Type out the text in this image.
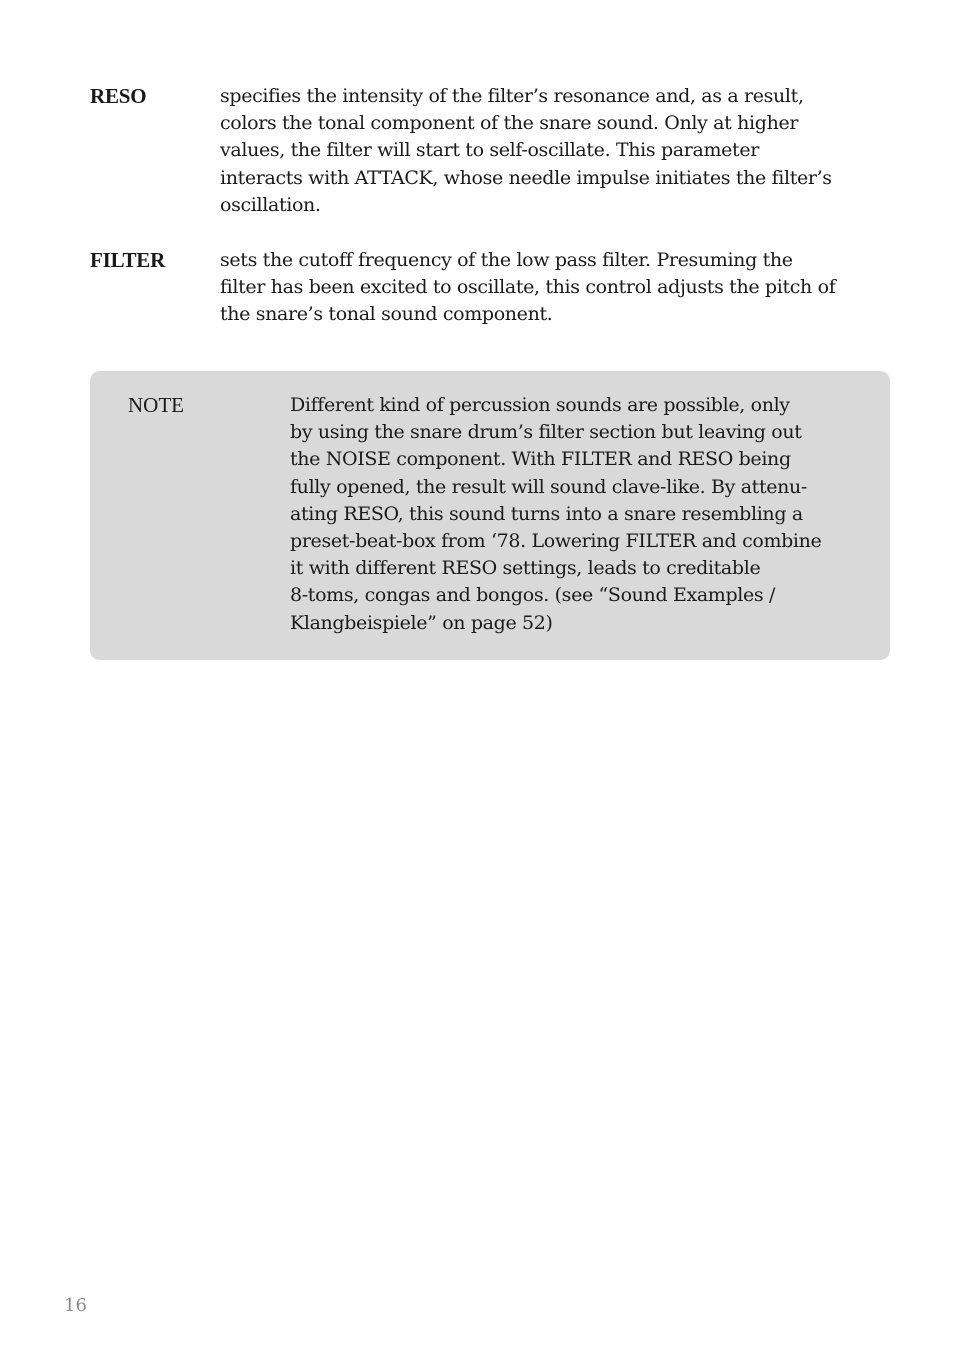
RESO	specifies the intensity of the filter’s resonance and, as a result,
colors the tonal component of the snare sound. Only at higher
values, the filter will start to self-oscillate. This parameter
interacts with ATTACK, whose needle impulse initiates the filter’s
oscillation.
FILTER	sets the cutoff frequency of the low pass filter. Presuming the
filter has been excited to oscillate, this control adjusts the pitch of
the snare’s tonal sound component.
NOTE	Different kind of percussion sounds are possible, only
by using the snare drum’s filter section but leaving out
the NOISE component. With FILTER and RESO being
fully opened, the result will sound clave-like. By attenu-
ating RESO, this sound turns into a snare resembling a
preset-beat-box from ‘78. Lowering FILTER and combine
it with different RESO settings, leads to creditable
8-toms, congas and bongos. (see “Sound Examples /
Klangbeispiele” on page 52)
16
